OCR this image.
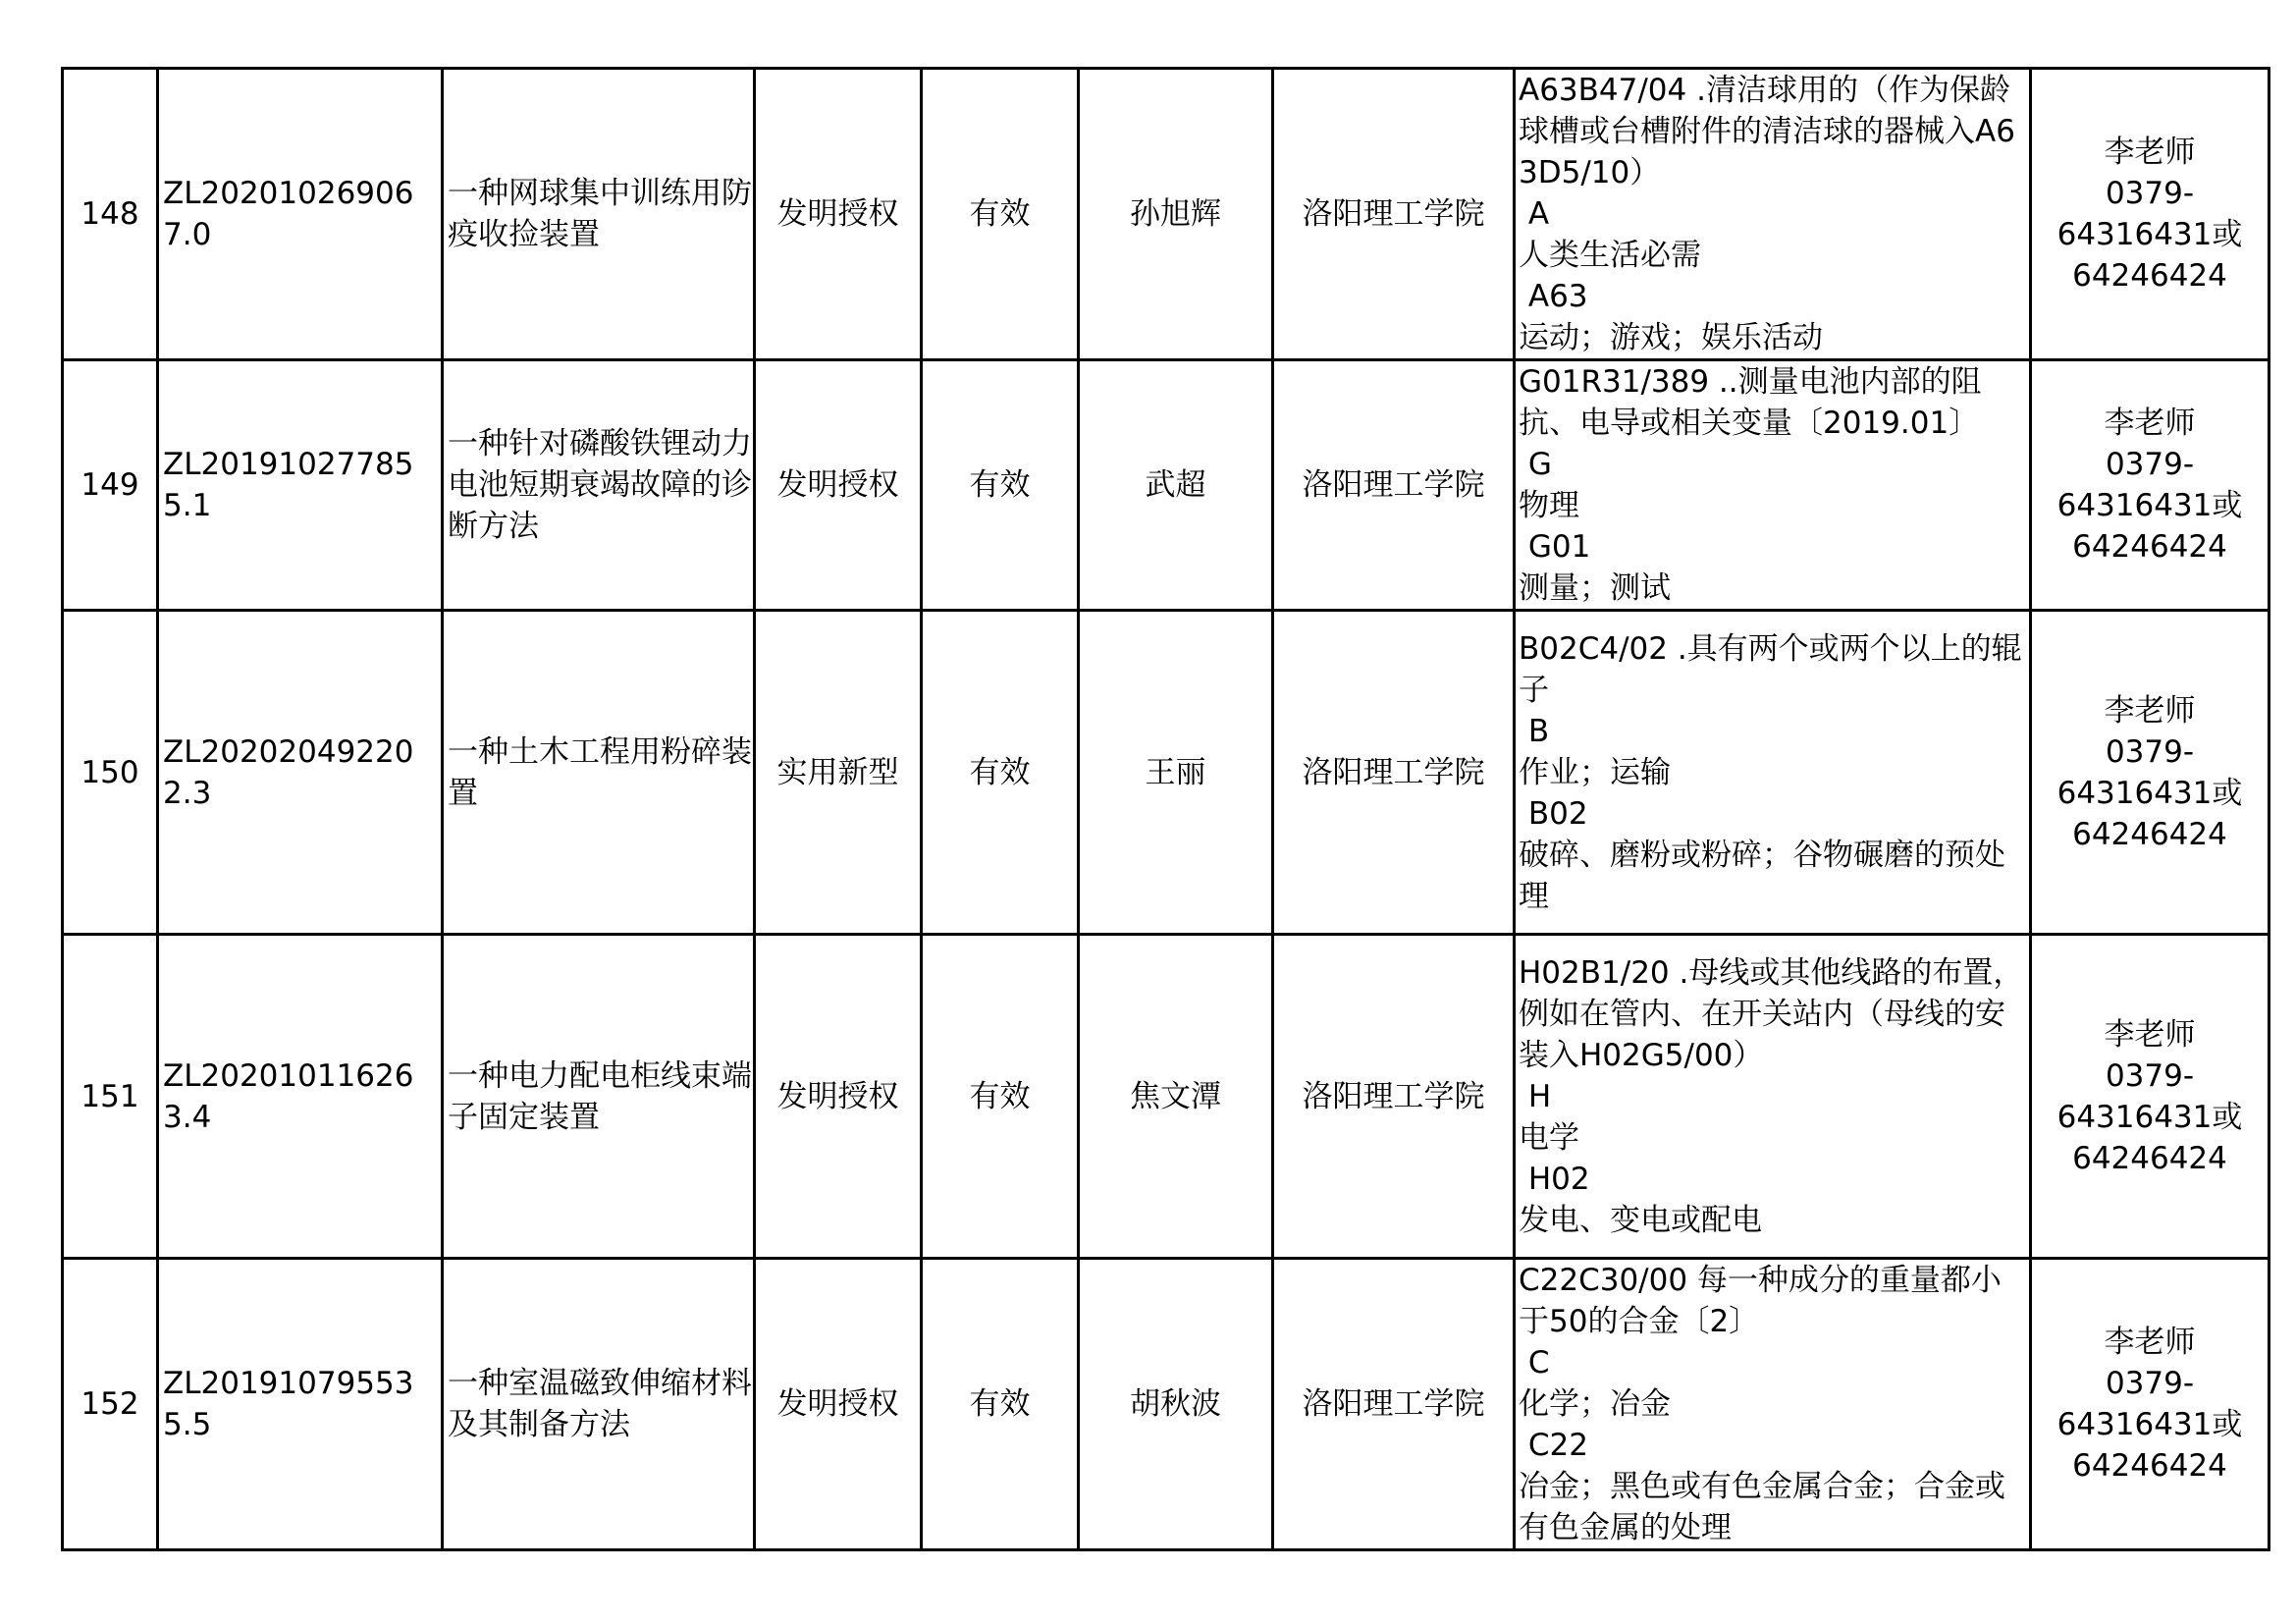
148	ZL202010269067.0	一种网球集中训练用防疫收捡装置	发明授权	有效	孙旭辉	洛阳理工学院	A63B47/04 .清洁球用的（作为保龄球槽或台槽附件的清洁球的器械入A63D5/10）
A
人类生活必需
A63
运动；游戏；娱乐活动	李老师
0379-
64316431或
64246424

149	ZL201910277855.1	一种针对磷酸铁锂动力电池短期衰竭故障的诊断方法	发明授权	有效	武超	洛阳理工学院	G01R31/389 ..测量电池内部的阻抗、电导或相关变量〔2019.01〕
G
物理
G01
测量；测试	李老师
0379-
64316431或
64246424

150	ZL202020492202.3	一种土木工程用粉碎装置	实用新型	有效	王丽	洛阳理工学院	B02C4/02 .具有两个或两个以上的辊子
B
作业；运输
B02
破碎、磨粉或粉碎；谷物碾磨的预处理	李老师
0379-
64316431或
64246424

151	ZL202010116263.4	一种电力配电柜线束端子固定装置	发明授权	有效	焦文潭	洛阳理工学院	H02B1/20 .母线或其他线路的布置，例如在管内、在开关站内（母线的安装入H02G5/00）
H
电学
H02
发电、变电或配电	李老师
0379-
64316431或
64246424

152	ZL201910795535.5	一种室温磁致伸缩材料及其制备方法	发明授权	有效	胡秋波	洛阳理工学院	C22C30/00 每一种成分的重量都小于50的合金〔2〕
C
化学；冶金
C22
冶金；黑色或有色金属合金；合金或有色金属的处理	李老师
0379-
64316431或
64246424
